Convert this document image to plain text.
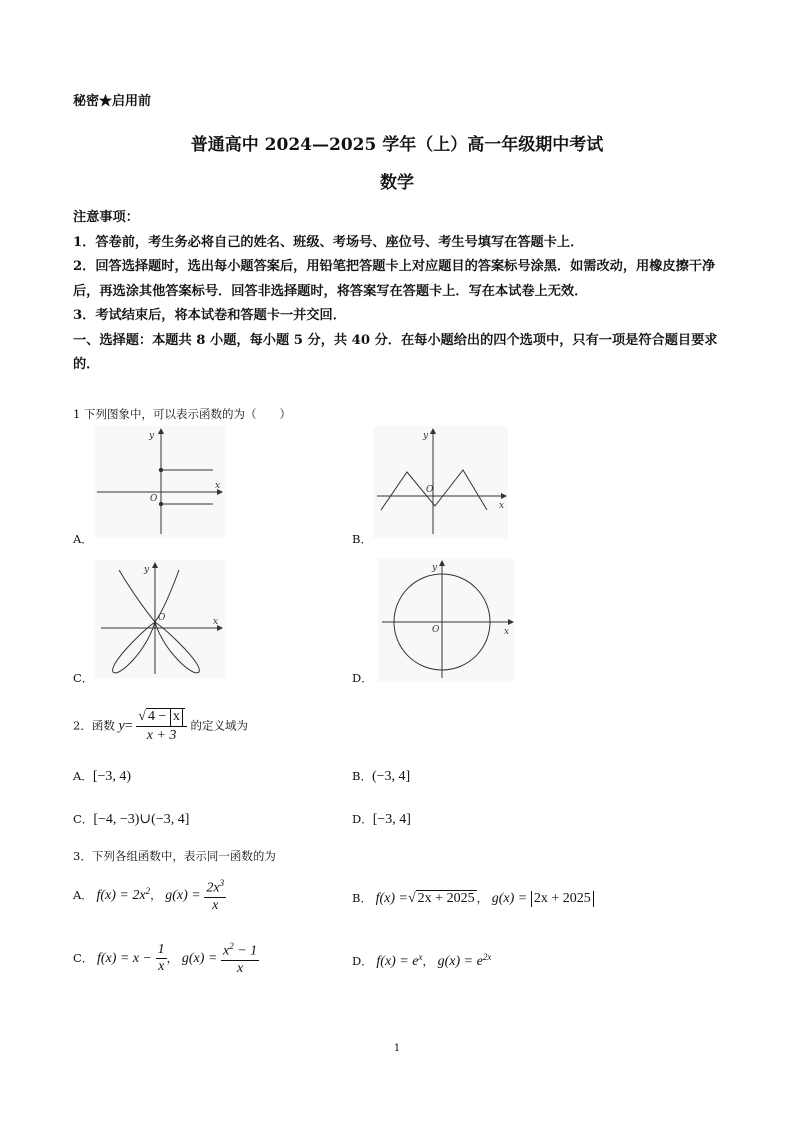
秘密★启用前
普通高中 2024—2025 学年（上）高一年级期中考试
数学

注意事项：

1．答卷前，考生务必将自己的姓名、班级、考场号、座位号、考生号填写在答题卡上．

2．回答选择题时，选出每小题答案后，用铅笔把答题卡上对应题目的答案标号涂黑．如需改动，用橡皮擦干净后，再选涂其他答案标号．回答非选择题时，将答案写在答题卡上．写在本试卷上无效．

3．考试结束后，将本试卷和答题卡一并交回．

一、选择题：本题共 8 小题，每小题 5 分，共 40 分．在每小题给出的四个选项中，只有一项是符合题目要求的．

1 下列图象中，可以表示函数的为（　　）
y
x
O
A．
y
x
O
B．
y
x
O
C．
y
x
O
D．
2．函数 $y= \frac{√ 4 - x}{x + 3}$ 的定义域为
A．[−3, 4)	B．(−3, 4]
C．[−4, −3)∪(−3, 4]	D．[−3, 4]
3．下列各组函数中，表示同一函数的为
A． $f(x) = 2x^2$， $g(x) = \frac{2x^3}{x}$	B． f(x) =√ 2x + 2025 ， g(x) = 2x + 2025
C． $f(x) = x - \frac{1}{x}$ ， $g(x) = \frac{x^2 - 1}{x}$	D． $f(x) = e^x$， $g(x) = e^{2x}$
1
